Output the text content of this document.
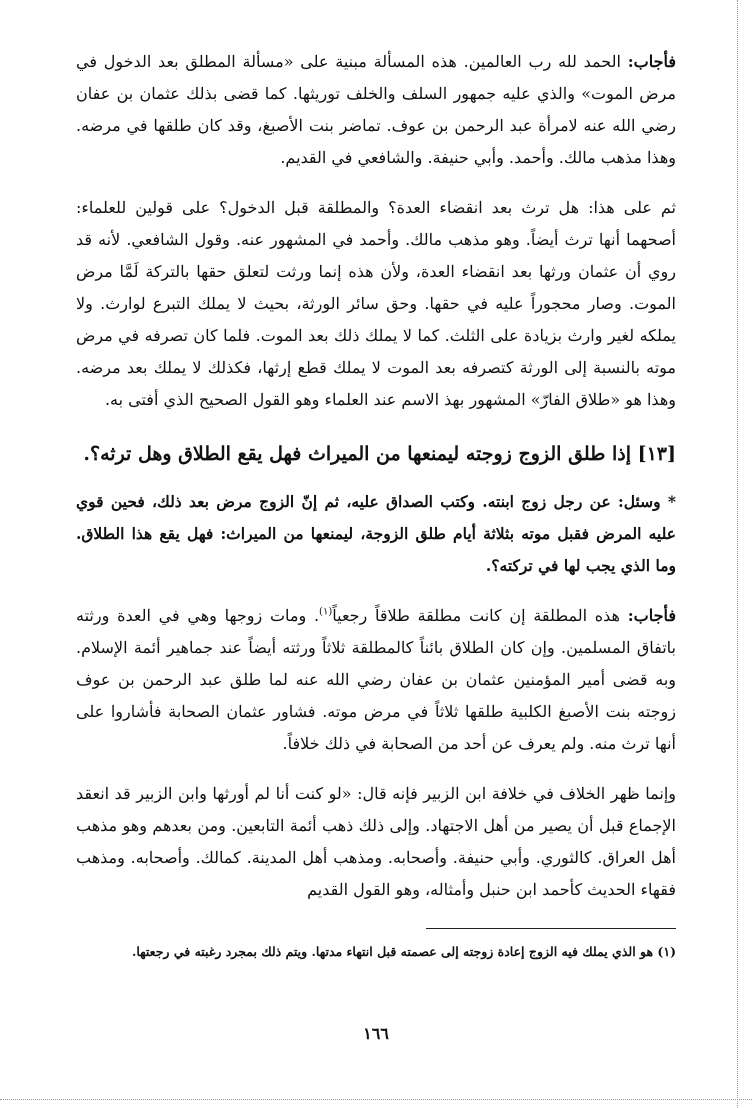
فأجاب: الحمد لله رب العالمين. هذه المسألة مبنية على «مسألة المطلق بعد الدخول في مرض الموت» والذي عليه جمهور السلف والخلف توريثها. كما قضى بذلك عثمان بن عفان رضي الله عنه لامرأة عبد الرحمن بن عوف. تماضر بنت الأصبغ، وقد كان طلقها في مرضه. وهذا مذهب مالك. وأحمد. وأبي حنيفة. والشافعي في القديم.

ثم على هذا: هل ترث بعد انقضاء العدة؟ والمطلقة قبل الدخول؟ على قولين للعلماء: أصحهما أنها ترث أيضاً. وهو مذهب مالك. وأحمد في المشهور عنه. وقول الشافعي. لأنه قد روي أن عثمان ورثها بعد انقضاء العدة، ولأن هذه إنما ورثت لتعلق حقها بالتركة لَمَّا مرض الموت. وصار محجوراً عليه في حقها. وحق سائر الورثة، بحيث لا يملك التبرع لوارث. ولا يملكه لغير وارث بزيادة على الثلث. كما لا يملك ذلك بعد الموت. فلما كان تصرفه في مرض موته بالنسبة إلى الورثة كتصرفه بعد الموت لا يملك قطع إرثها، فكذلك لا يملك بعد مرضه. وهذا هو «طلاق الفارّ» المشهور بهذ الاسم عند العلماء وهو القول الصحيح الذي أفتى به.

[١٣] إذا طلق الزوج زوجته ليمنعها من الميراث فهل يقع الطلاق وهل ترثه؟.

* وسئل: عن رجل زوج ابنته. وكتب الصداق عليه، ثم إنّ الزوج مرض بعد ذلك، فحين قوي عليه المرض فقبل موته بثلاثة أيام طلق الزوجة، ليمنعها من الميراث: فهل يقع هذا الطلاق. وما الذي يجب لها في تركته؟.

فأجاب: هذه المطلقة إن كانت مطلقة طلاقاً رجعياً$^{(١)}$. ومات زوجها وهي في العدة ورثته باتفاق المسلمين. وإن كان الطلاق بائناً كالمطلقة ثلاثاً ورثته أيضاً عند جماهير أئمة الإسلام. وبه قضى أمير المؤمنين عثمان بن عفان رضي الله عنه لما طلق عبد الرحمن بن عوف زوجته بنت الأصبغ الكلبية طلقها ثلاثاً في مرض موته. فشاور عثمان الصحابة فأشاروا على أنها ترث منه. ولم يعرف عن أحد من الصحابة في ذلك خلافاً.

وإنما ظهر الخلاف في خلافة ابن الزبير فإنه قال: «لو كنت أنا لم أورثها وابن الزبير قد انعقد الإجماع قبل أن يصير من أهل الاجتهاد. وإلى ذلك ذهب أئمة التابعين. ومن بعدهم وهو مذهب أهل العراق. كالثوري. وأبي حنيفة. وأصحابه. ومذهب أهل المدينة. كمالك. وأصحابه. ومذهب فقهاء الحديث كأحمد ابن حنبل وأمثاله، وهو القول القديم

(١) هو الذي يملك فيه الزوج إعادة زوجته إلى عصمته قبل انتهاء مدتها. ويتم ذلك بمجرد رغبته في رجعتها.

١٦٦
